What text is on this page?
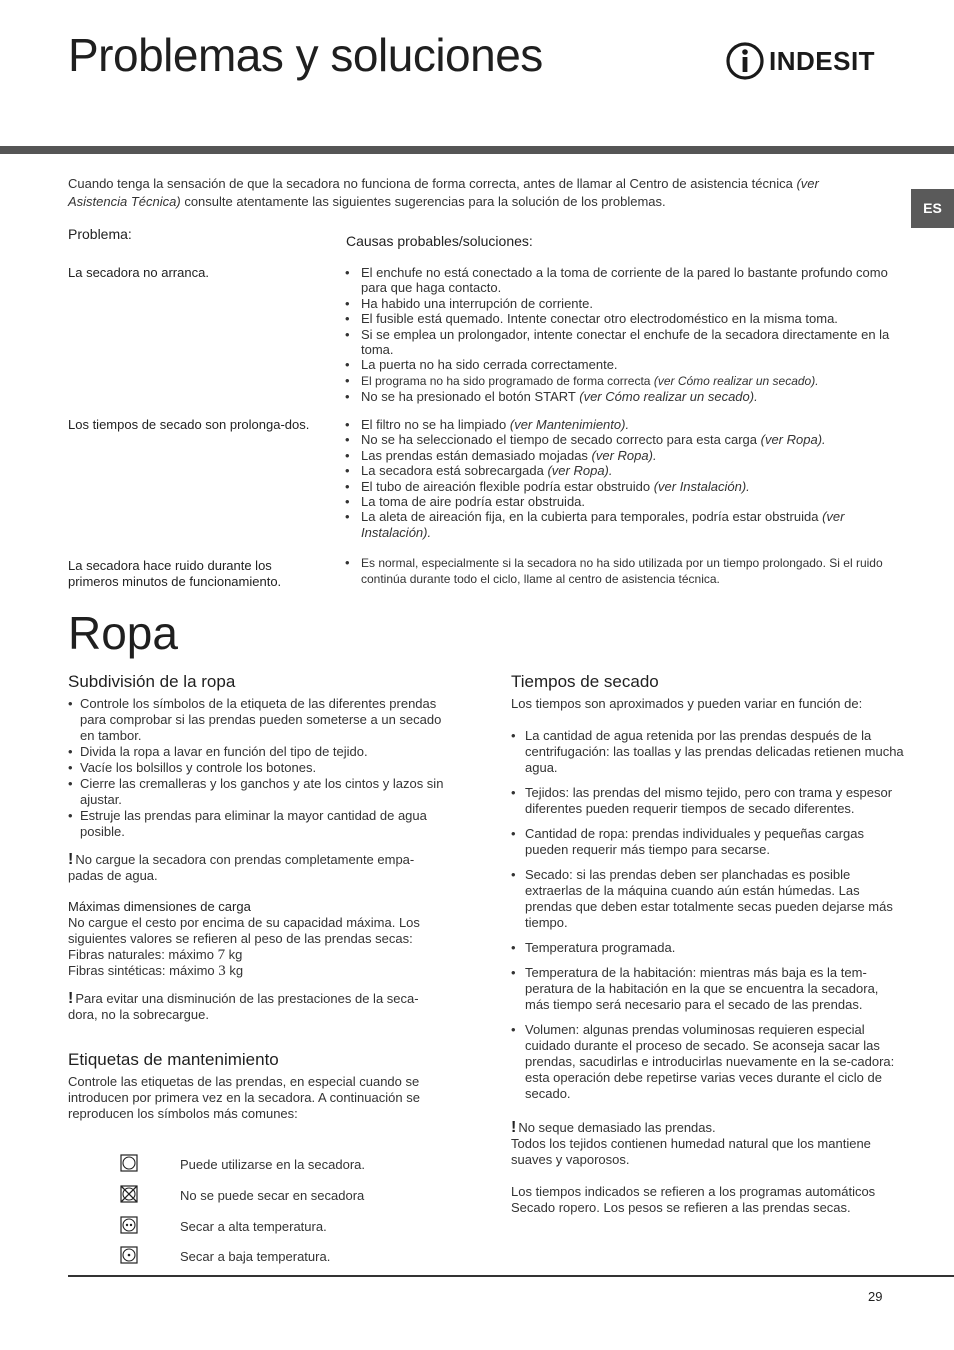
Problemas y soluciones	INDESIT
ES
Cuando tenga la sensación de que la secadora no funciona de forma correcta, antes de llamar al Centro de asistencia técnica (ver Asistencia Técnica) consulte atentamente las siguientes sugerencias para la solución de los problemas.
Problema:	Causas probables/soluciones:
La secadora no arranca.	• El enchufe no está conectado a la toma de corriente de la pared lo bastante profundo como para que haga contacto.
• Ha habido una interrupción de corriente.
• El fusible está quemado. Intente conectar otro electrodoméstico en la misma toma.
• Si se emplea un prolongador, intente conectar el enchufe de la secadora directamente en la toma.
• La puerta no ha sido cerrada correctamente.
• El programa no ha sido programado de forma correcta (ver Cómo realizar un secado).
• No se ha presionado el botón START (ver Cómo realizar un secado).
Los tiempos de secado son prolonga-dos.	• El filtro no se ha limpiado (ver Mantenimiento).
• No se ha seleccionado el tiempo de secado correcto para esta carga (ver Ropa).
• Las prendas están demasiado mojadas (ver Ropa).
• La secadora está sobrecargada (ver Ropa).
• El tubo de aireación flexible podría estar obstruido (ver Instalación).
• La toma de aire podría estar obstruida.
• La aleta de aireación fija, en la cubierta para temporales, podría estar obstruida (ver Instalación).
La secadora hace ruido durante los primeros minutos de funcionamiento.
• Es normal, especialmente si la secadora no ha sido utilizada por un tiempo prolongado. Si el ruido continúa durante todo el ciclo, llame al centro de asistencia técnica.
Ropa
Subdivisión de la ropa
• Controle los símbolos de la etiqueta de las diferentes prendas para comprobar si las prendas pueden someterse a un secado en tambor.
• Divida la ropa a lavar en función del tipo de tejido.
• Vacíe los bolsillos y controle los botones.
• Cierre las cremalleras y los ganchos y ate los cintos y lazos sin ajustar.
• Estruje las prendas para eliminar la mayor cantidad de agua posible.
! No cargue la secadora con prendas completamente empa-padas de agua.
Máximas dimensiones de carga
No cargue el cesto por encima de su capacidad máxima. Los siguientes valores se refieren al peso de las prendas secas:
Fibras naturales: máximo 7 kg
Fibras sintéticas: máximo 3 kg
! Para evitar una disminución de las prestaciones de la seca-dora, no la sobrecargue.
Etiquetas de mantenimiento
Controle las etiquetas de las prendas, en especial cuando se introducen por primera vez en la secadora. A continuación se reproducen los símbolos más comunes:
Puede utilizarse en la secadora.
No se puede secar en secadora
Secar a alta temperatura.
Secar a baja temperatura.
Tiempos de secado
Los tiempos son aproximados y pueden variar en función de:
• La cantidad de agua retenida por las prendas después de la centrifugación: las toallas y las prendas delicadas retienen mucha agua.
• Tejidos: las prendas del mismo tejido, pero con trama y espesor diferentes pueden requerir tiempos de secado diferentes.
• Cantidad de ropa: prendas individuales y pequeñas cargas pueden requerir más tiempo para secarse.
• Secado: si las prendas deben ser planchadas es posible extraerlas de la máquina cuando aún están húmedas. Las prendas que deben estar totalmente secas pueden dejarse más tiempo.
• Temperatura programada.
• Temperatura de la habitación: mientras más baja es la tem-peratura de la habitación en la que se encuentra la secadora, más tiempo será necesario para el secado de las prendas.
• Volumen: algunas prendas voluminosas requieren especial cuidado durante el proceso de secado. Se aconseja sacar las prendas, sacudirlas e introducirlas nuevamente en la se-cadora: esta operación debe repetirse varias veces durante el ciclo de secado.
! No seque demasiado las prendas.
Todos los tejidos contienen humedad natural que los mantiene suaves y vaporosos.
Los tiempos indicados se refieren a los programas automáticos Secado ropero. Los pesos se refieren a las prendas secas.
29
